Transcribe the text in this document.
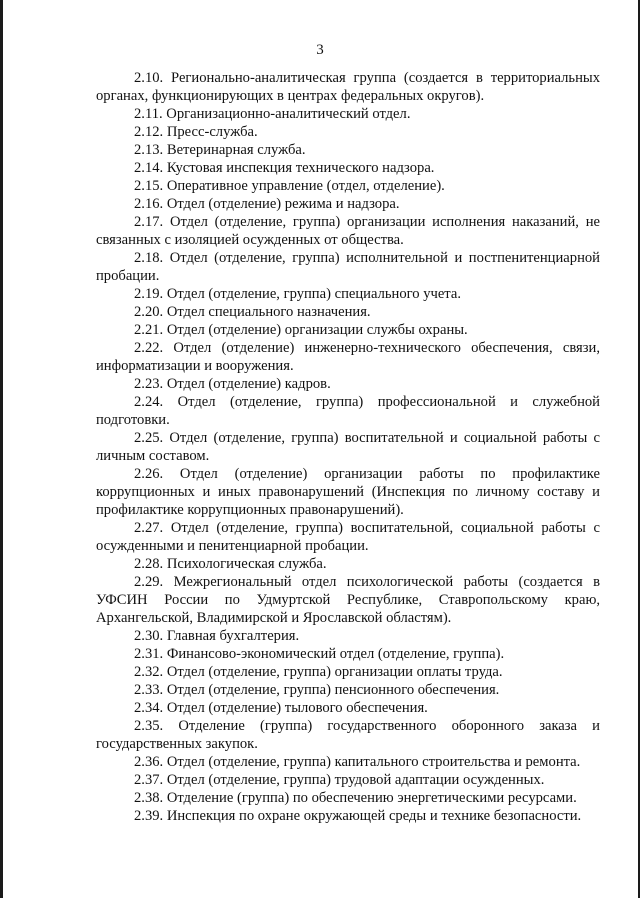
3

2.10. Регионально-аналитическая группа (создается в территориальных органах, функционирующих в центрах федеральных округов).

2.11. Организационно-аналитический отдел.

2.12. Пресс-служба.

2.13. Ветеринарная служба.

2.14. Кустовая инспекция технического надзора.

2.15. Оперативное управление (отдел, отделение).

2.16. Отдел (отделение) режима и надзора.

2.17. Отдел (отделение, группа) организации исполнения наказаний, не связанных с изоляцией осужденных от общества.

2.18. Отдел (отделение, группа) исполнительной и постпенитенциарной пробации.

2.19. Отдел (отделение, группа) специального учета.

2.20. Отдел специального назначения.

2.21. Отдел (отделение) организации службы охраны.

2.22. Отдел (отделение) инженерно-технического обеспечения, связи, информатизации и вооружения.

2.23. Отдел (отделение) кадров.

2.24. Отдел (отделение, группа) профессиональной и служебной подготовки.

2.25. Отдел (отделение, группа) воспитательной и социальной работы с личным составом.

2.26. Отдел (отделение) организации работы по профилактике коррупционных и иных правонарушений (Инспекция по личному составу и профилактике коррупционных правонарушений).

2.27. Отдел (отделение, группа) воспитательной, социальной работы с осужденными и пенитенциарной пробации.

2.28. Психологическая служба.

2.29. Межрегиональный отдел психологической работы (создается в УФСИН России по Удмуртской Республике, Ставропольскому краю, Архангельской, Владимирской и Ярославской областям).

2.30. Главная бухгалтерия.

2.31. Финансово-экономический отдел (отделение, группа).

2.32. Отдел (отделение, группа) организации оплаты труда.

2.33. Отдел (отделение, группа) пенсионного обеспечения.

2.34. Отдел (отделение) тылового обеспечения.

2.35. Отделение (группа) государственного оборонного заказа и государственных закупок.

2.36. Отдел (отделение, группа) капитального строительства и ремонта.

2.37. Отдел (отделение, группа) трудовой адаптации осужденных.

2.38. Отделение (группа) по обеспечению энергетическими ресурсами.

2.39. Инспекция по охране окружающей среды и технике безопасности.
